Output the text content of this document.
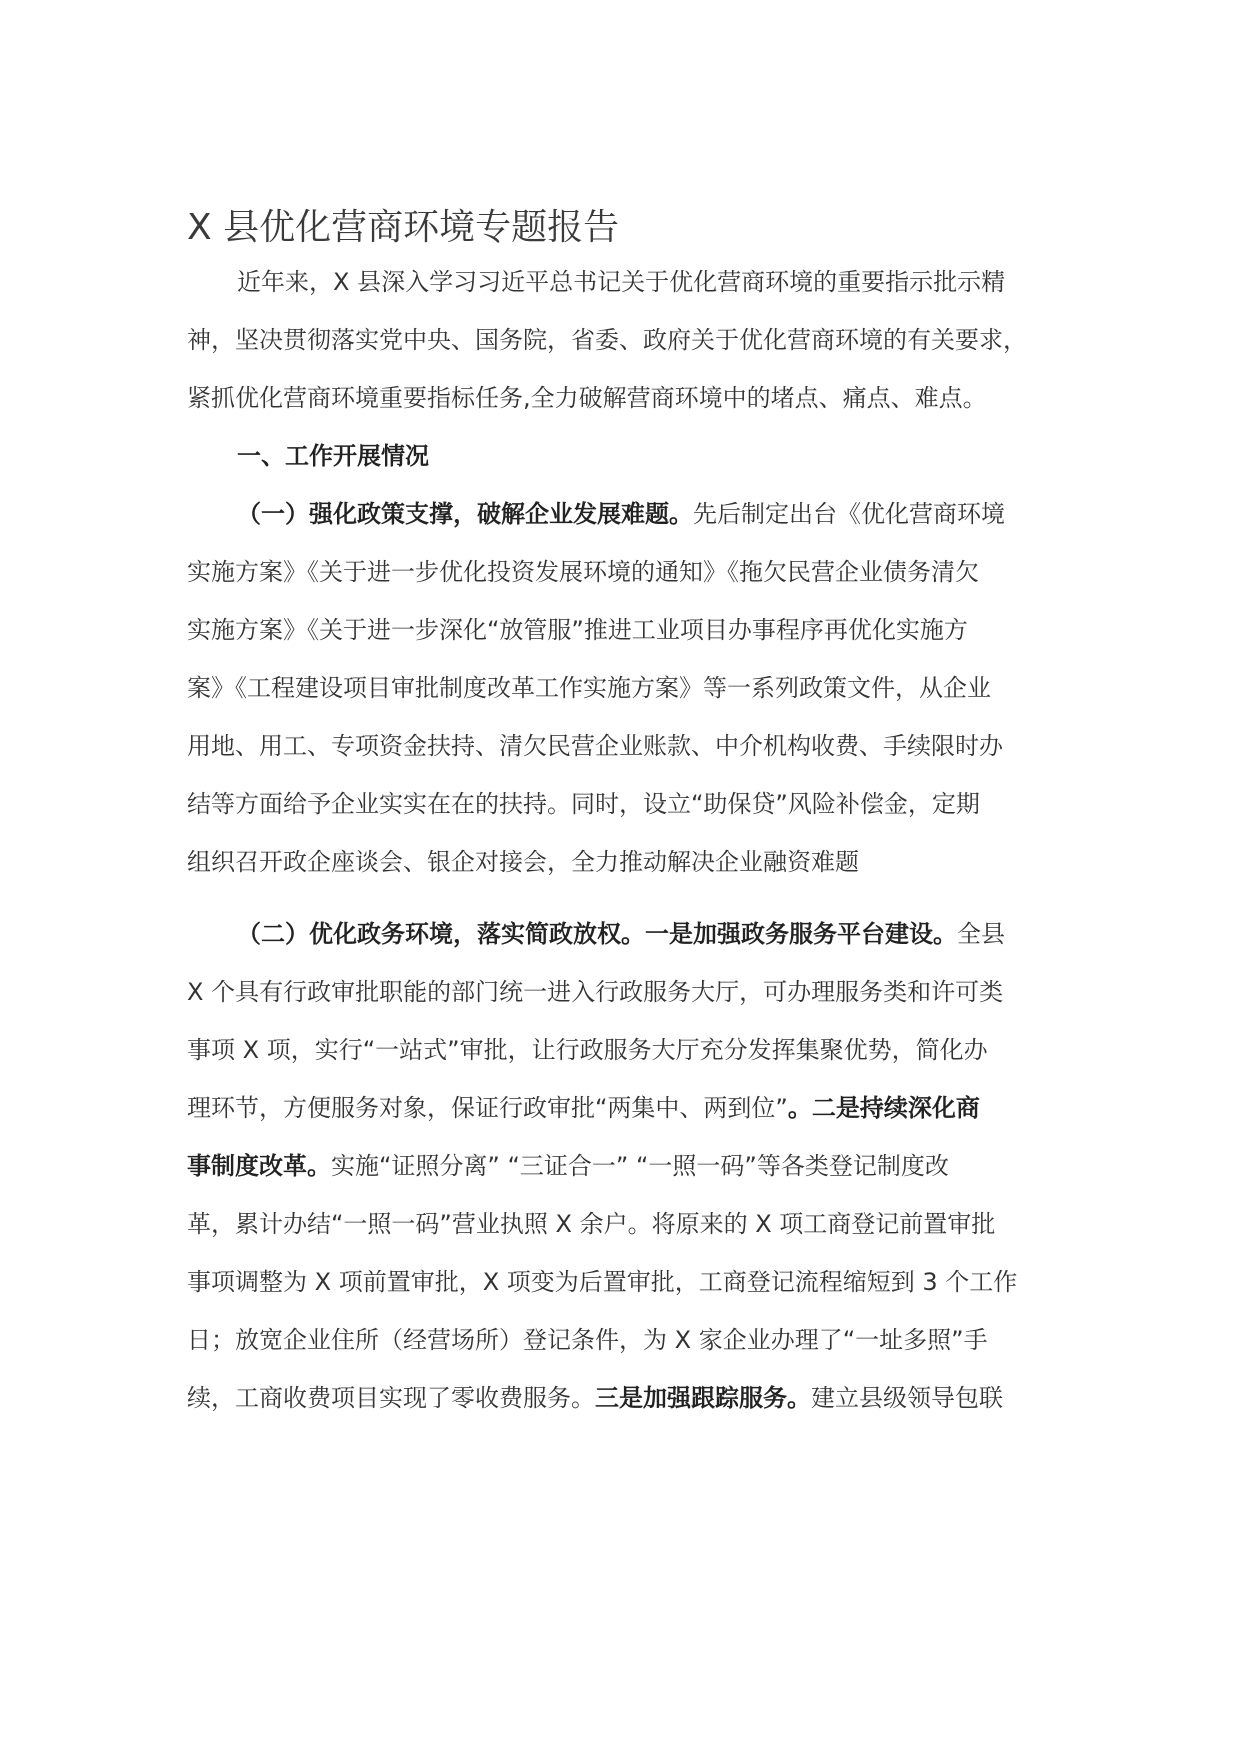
X 县优化营商环境专题报告
近年来，X 县深入学习习近平总书记关于优化营商环境的重要指示批示精
神，坚决贯彻落实党中央、国务院，省委、政府关于优化营商环境的有关要求，
紧抓优化营商环境重要指标任务,全力破解营商环境中的堵点、痛点、难点。
一、工作开展情况
（一）强化政策支撑，破解企业发展难题。先后制定出台《优化营商环境
实施方案》《关于进一步优化投资发展环境的通知》《拖欠民营企业债务清欠
实施方案》《关于进一步深化“放管服”推进工业项目办事程序再优化实施方
案》《工程建设项目审批制度改革工作实施方案》等一系列政策文件，从企业
用地、用工、专项资金扶持、清欠民营企业账款、中介机构收费、手续限时办
结等方面给予企业实实在在的扶持。同时，设立“助保贷”风险补偿金，定期
组织召开政企座谈会、银企对接会，全力推动解决企业融资难题
（二）优化政务环境，落实简政放权。一是加强政务服务平台建设。全县
X 个具有行政审批职能的部门统一进入行政服务大厅，可办理服务类和许可类
事项 X 项，实行“一站式”审批，让行政服务大厅充分发挥集聚优势，简化办
理环节，方便服务对象，保证行政审批“两集中、两到位”。二是持续深化商
事制度改革。实施“证照分离” “三证合一” “一照一码”等各类登记制度改
革，累计办结“一照一码”营业执照 X 余户。将原来的 X 项工商登记前置审批
事项调整为 X 项前置审批，X 项变为后置审批，工商登记流程缩短到 3 个工作
日；放宽企业住所（经营场所）登记条件，为 X 家企业办理了“一址多照”手
续，工商收费项目实现了零收费服务。三是加强跟踪服务。建立县级领导包联
